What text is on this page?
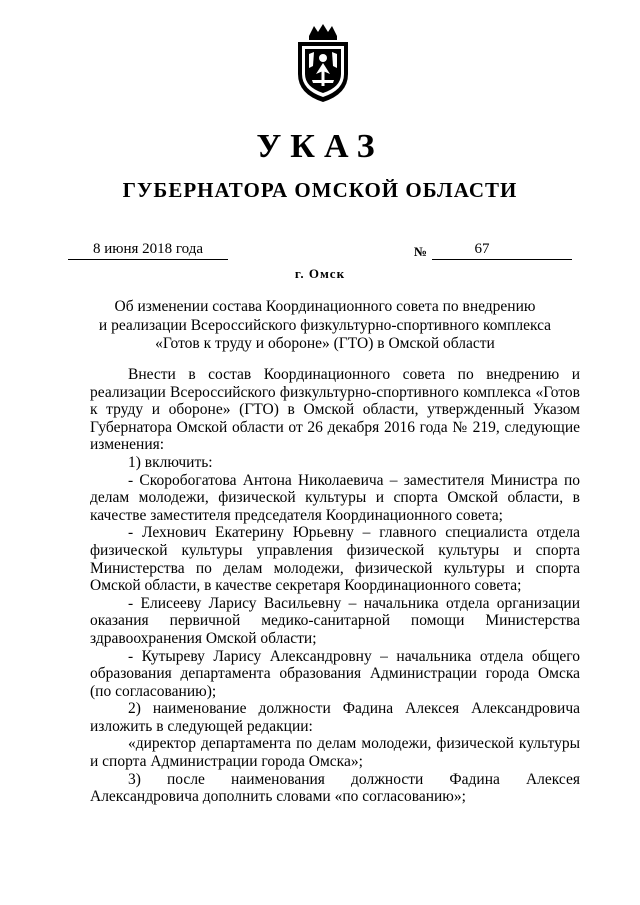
УКАЗ
ГУБЕРНАТОРА ОМСКОЙ ОБЛАСТИ
8 июня 2018 года	№	67
г. Омск
Об изменении состава Координационного совета по внедрению
и реализации Всероссийского физкультурно-спортивного комплекса
«Готов к труду и обороне» (ГТО) в Омской области

Внести в состав Координационного совета по внедрению и реализации Всероссийского физкультурно-спортивного комплекса «Готов к труду и обороне» (ГТО) в Омской области, утвержденный Указом Губернатора Омской области от 26 декабря 2016 года № 219, следующие изменения:

1) включить:

- Скоробогатова Антона Николаевича – заместителя Министра по делам молодежи, физической культуры и спорта Омской области, в качестве заместителя председателя Координационного совета;

- Лехнович Екатерину Юрьевну – главного специалиста отдела физической культуры управления физической культуры и спорта Министерства по делам молодежи, физической культуры и спорта Омской области, в качестве секретаря Координационного совета;

- Елисееву Ларису Васильевну – начальника отдела организации оказания первичной медико-санитарной помощи Министерства здравоохранения Омской области;

- Кутыреву Ларису Александровну – начальника отдела общего образования департамента образования Администрации города Омска (по согласованию);

2) наименование должности Фадина Алексея Александровича изложить в следующей редакции:

«директор департамента по делам молодежи, физической культуры и спорта Администрации города Омска»;

3) после наименования должности Фадина Алексея Александровича дополнить словами «по согласованию»;
